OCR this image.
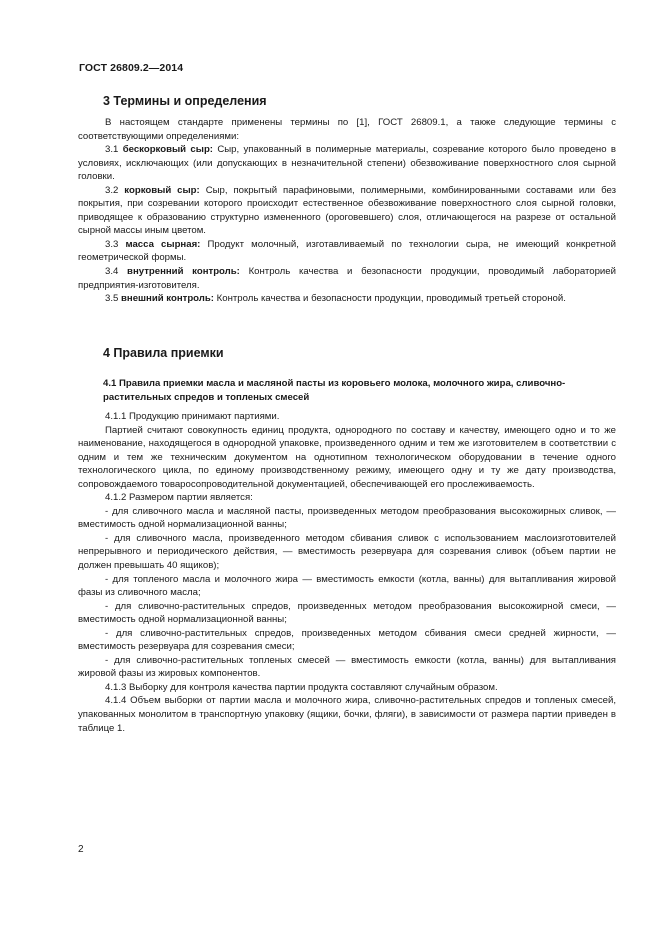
ГОСТ 26809.2—2014
3 Термины и определения

В настоящем стандарте применены термины по [1], ГОСТ 26809.1, а также следующие термины с соответствующими определениями:

3.1 бескорковый сыр: Сыр, упакованный в полимерные материалы, созревание которого было проведено в условиях, исключающих (или допускающих в незначительной степени) обезвоживание поверхностного слоя сырной головки.

3.2 корковый сыр: Сыр, покрытый парафиновыми, полимерными, комбинированными составами или без покрытия, при созревании которого происходит естественное обезвоживание поверхностного слоя сырной головки, приводящее к образованию структурно измененного (ороговевшего) слоя, отличающегося на разрезе от остальной сырной массы иным цветом.

3.3 масса сырная: Продукт молочный, изготавливаемый по технологии сыра, не имеющий конкретной геометрической формы.

3.4 внутренний контроль: Контроль качества и безопасности продукции, проводимый лабораторией предприятия-изготовителя.

3.5 внешний контроль: Контроль качества и безопасности продукции, проводимый третьей стороной.

4 Правила приемки
4.1 Правила приемки масла и масляной пасты из коровьего молока, молочного жира, сливочно-растительных спредов и топленых смесей

4.1.1 Продукцию принимают партиями.

Партией считают совокупность единиц продукта, однородного по составу и качеству, имеющего одно и то же наименование, находящегося в однородной упаковке, произведенного одним и тем же изготовителем в соответствии с одним и тем же техническим документом на однотипном технологическом оборудовании в течение одного технологического цикла, по единому производственному режиму, имеющего одну и ту же дату производства, сопровождаемого товаросопроводительной документацией, обеспечивающей его прослеживаемость.

4.1.2 Размером партии является:

- для сливочного масла и масляной пасты, произведенных методом преобразования высокожирных сливок, — вместимость одной нормализационной ванны;

- для сливочного масла, произведенного методом сбивания сливок с использованием маслоизготовителей непрерывного и периодического действия, — вместимость резервуара для созревания сливок (объем партии не должен превышать 40 ящиков);

- для топленого масла и молочного жира — вместимость емкости (котла, ванны) для вытапливания жировой фазы из сливочного масла;

- для сливочно-растительных спредов, произведенных методом преобразования высокожирной смеси, — вместимость одной нормализационной ванны;

- для сливочно-растительных спредов, произведенных методом сбивания смеси средней жирности, — вместимость резервуара для созревания смеси;

- для сливочно-растительных топленых смесей — вместимость емкости (котла, ванны) для вытапливания жировой фазы из жировых компонентов.

4.1.3 Выборку для контроля качества партии продукта составляют случайным образом.

4.1.4 Объем выборки от партии масла и молочного жира, сливочно-растительных спредов и топленых смесей, упакованных монолитом в транспортную упаковку (ящики, бочки, фляги), в зависимости от размера партии приведен в таблице 1.

2
